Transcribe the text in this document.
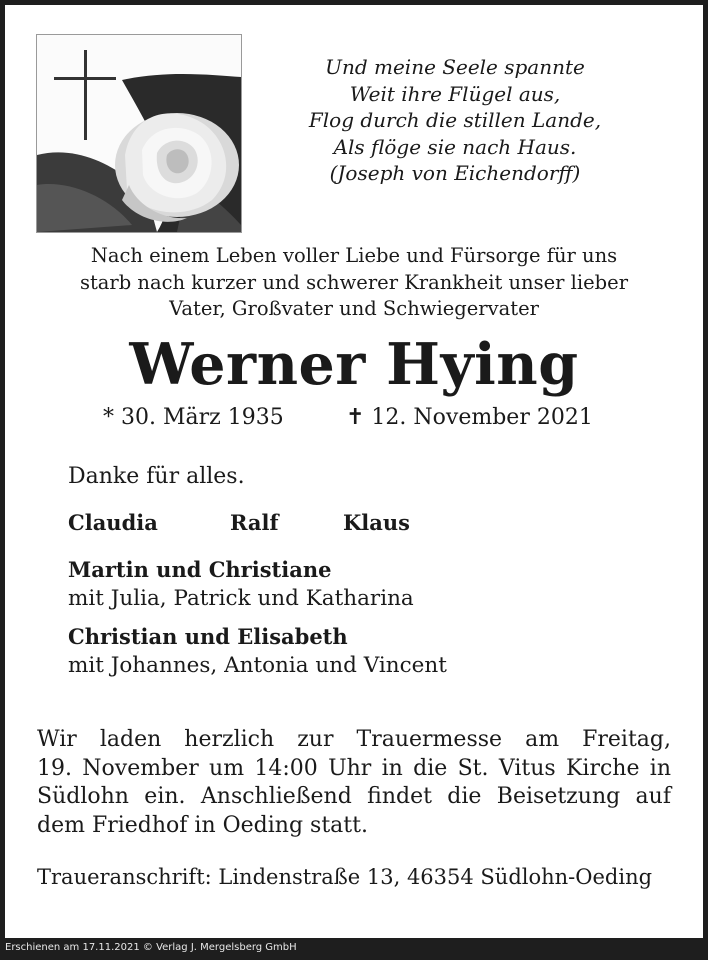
Und meine Seele spannte
Weit ihre Flügel aus,
Flog durch die stillen Lande,
Als flöge sie nach Haus.
(Joseph von Eichendorff)
Nach einem Leben voller Liebe und Fürsorge für uns
starb nach kurzer und schwerer Krankheit unser lieber
Vater, Großvater und Schwiegervater
Werner Hying
* 30. März 1935	✝ 12. November 2021
Danke für alles.
Claudia	Ralf	Klaus
Martin und Christiane
mit Julia, Patrick und Katharina
Christian und Elisabeth
mit Johannes, Antonia und Vincent
Wir laden herzlich zur Trauermesse am Freitag,
19. November um 14:00 Uhr in die St. Vitus Kirche in
Südlohn ein. Anschließend findet die Beisetzung auf
dem Friedhof in Oeding statt.
Traueranschrift: Lindenstraße 13, 46354 Südlohn-Oeding
Erschienen am 17.11.2021 © Verlag J. Mergelsberg GmbH
